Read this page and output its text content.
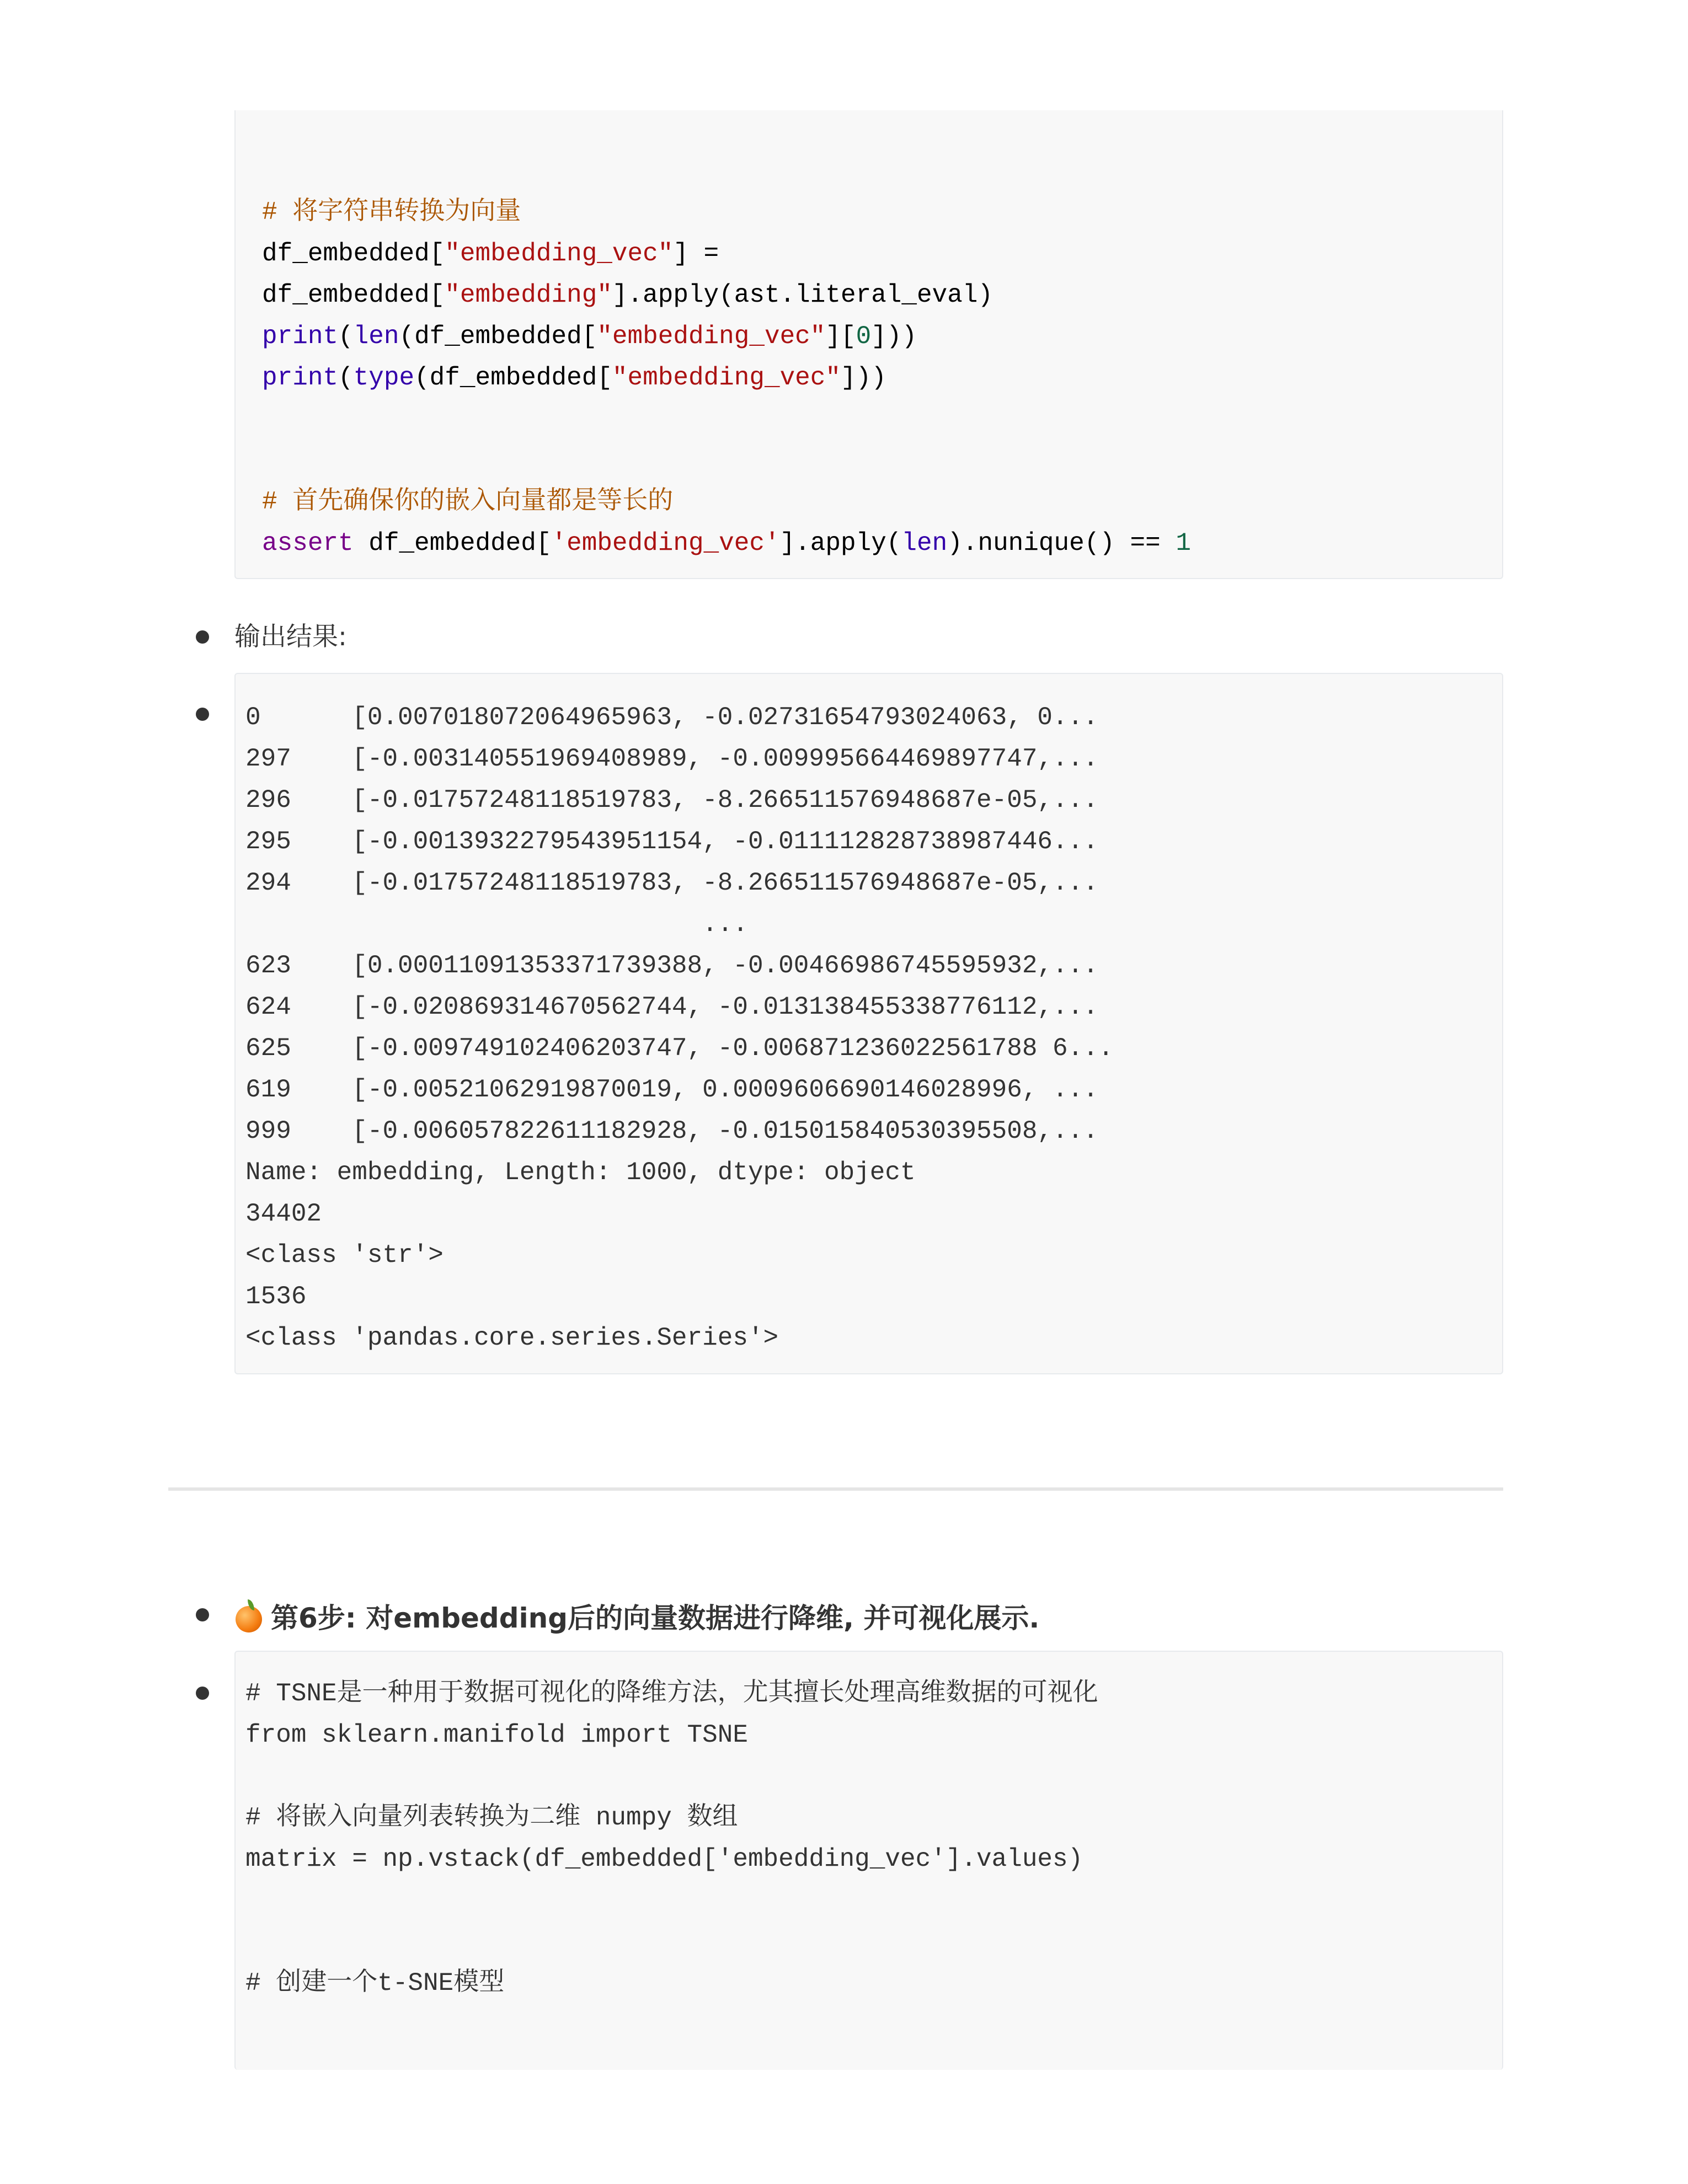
# 将字符串转换为向量
df_embedded["embedding_vec"] =
df_embedded["embedding"].apply(ast.literal_eval)
print(len(df_embedded["embedding_vec"][0]))
print(type(df_embedded["embedding_vec"]))
# 首先确保你的嵌入向量都是等长的
assert df_embedded['embedding_vec'].apply(len).nunique() == 1
输出结果:
0      [0.007018072064965963, -0.02731654793024063, 0...
297    [-0.003140551969408989, -0.009995664469897747,...
296    [-0.01757248118519783, -8.266511576948687e-05,...
295    [-0.0013932279543951154, -0.011112828738987446...
294    [-0.01757248118519783, -8.266511576948687e-05,...
...
623    [0.00011091353371739388, -0.00466986745595932,...
624    [-0.020869314670562744, -0.013138455338776112,...
625    [-0.009749102406203747, -0.006871236022561788 6...
619    [-0.00521062919870019, 0.0009606690146028996, ...
999    [-0.006057822611182928, -0.015015840530395508,...
Name: embedding, Length: 1000, dtype: object
34402
<class 'str'>
1536
<class 'pandas.core.series.Series'>
第6步: 对embedding后的向量数据进行降维, 并可视化展示.
# TSNE是一种用于数据可视化的降维方法，尤其擅长处理高维数据的可视化
from sklearn.manifold import TSNE
# 将嵌入向量列表转换为二维 numpy 数组
matrix = np.vstack(df_embedded['embedding_vec'].values)
# 创建一个t-SNE模型
